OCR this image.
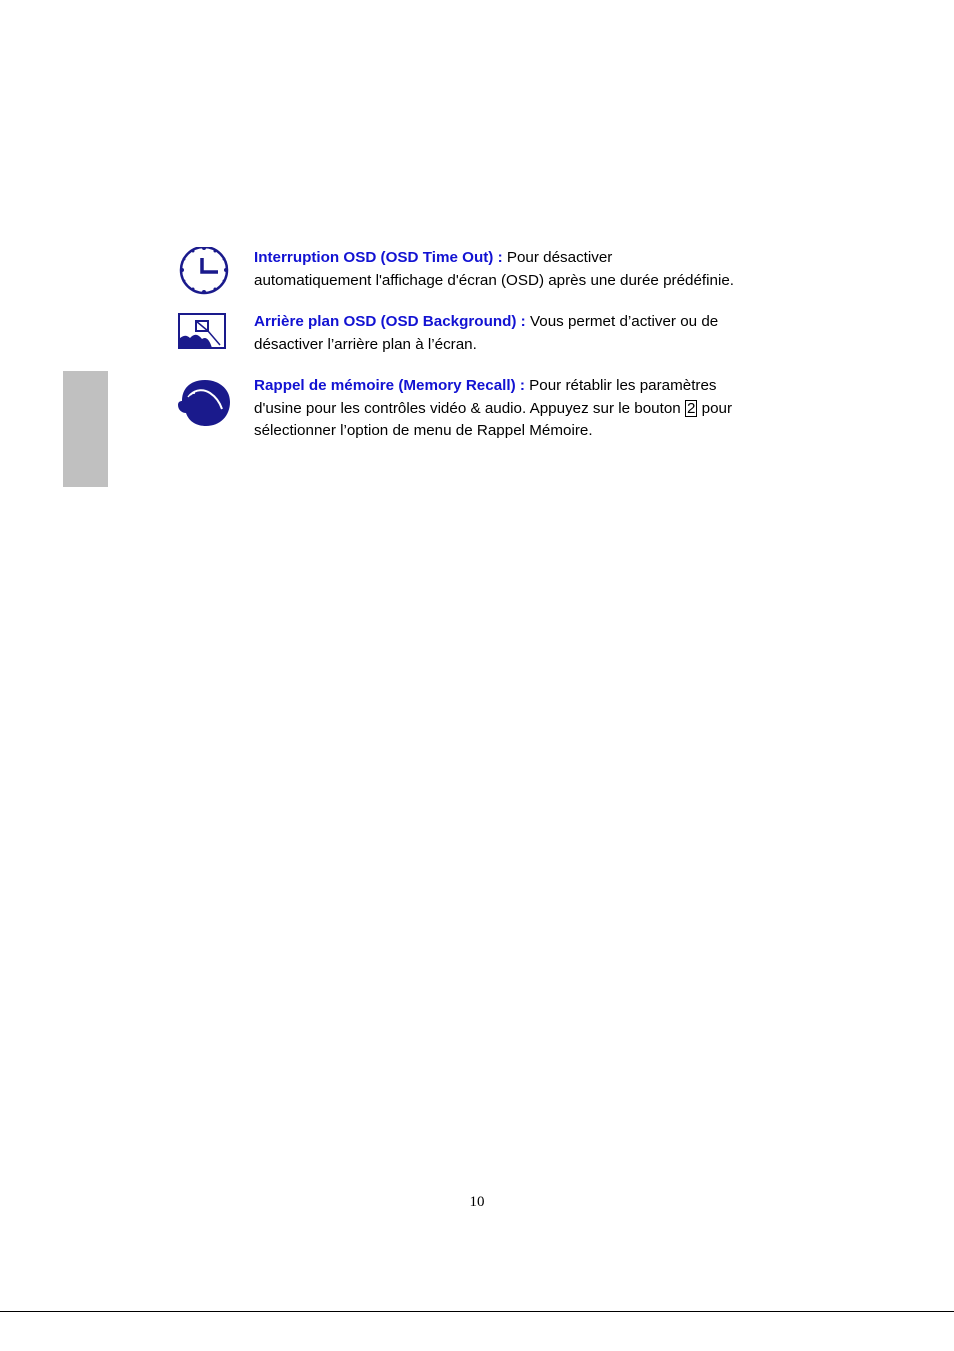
Interruption OSD (OSD Time Out) : Pour désactiver
automatiquement l'affichage d'écran (OSD) après une durée prédéfinie.
Arrière plan OSD (OSD Background) : Vous permet d’activer ou de
désactiver l’arrière plan à l’écran.
Rappel de mémoire (Memory Recall) : Pour rétablir les paramètres
d'usine pour les contrôles vidéo & audio. Appuyez sur le bouton 2 pour
sélectionner l’option de menu de Rappel Mémoire.
10
